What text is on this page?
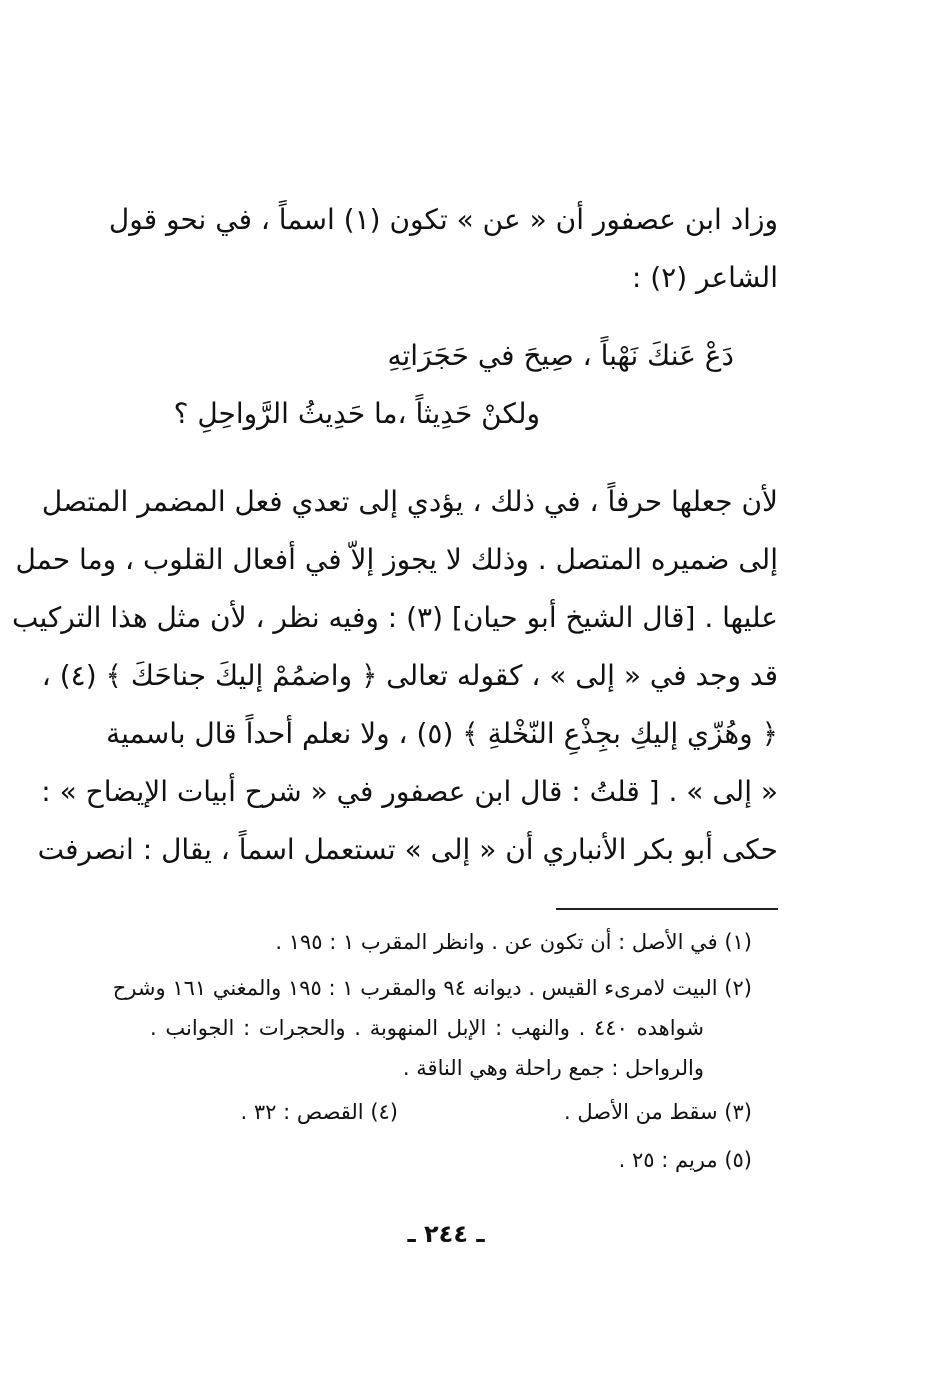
وزاد ابن عصفور أن « عن » تكون (١) اسماً ، في نحو قول
الشاعر (٢) :
دَعْ عَنكَ نَهْباً ، صِيحَ في حَجَرَاتِهِ
ولكنْ حَدِيثاً ،ما حَدِيثُ الرَّواحِلِ ؟
لأن جعلها حرفاً ، في ذلك ، يؤدي إلى تعدي فعل المضمر المتصل
إلى ضميره المتصل . وذلك لا يجوز إلاّ في أفعال القلوب ، وما حمل
عليها . [قال الشيخ أبو حيان] (٣) : وفيه نظر ، لأن مثل هذا التركيب
قد وجد في « إلى » ، كقوله تعالى ﴿ واضمُمْ إليكَ جناحَكَ ﴾ (٤) ،
﴿ وهُزّي إليكِ بجِذْعِ النّخْلةِ ﴾ (٥) ، ولا نعلم أحداً قال باسمية
« إلى » . [ قلتُ : قال ابن عصفور في « شرح أبيات الإيضاح » :
حكى أبو بكر الأنباري أن « إلى » تستعمل اسماً ، يقال : انصرفت
(١) في الأصل : أن تكون عن . وانظر المقرب ١ : ١٩٥ .
(٢) البيت لامرىء القيس . ديوانه ٩٤ والمقرب ١ : ١٩٥ والمغني ١٦١ وشرح
شواهده ٤٤٠ . والنهب : الإبل المنهوبة . والحجرات : الجوانب .
والرواحل : جمع راحلة وهي الناقة .
(٣) سقط من الأصل .
(٤) القصص : ٣٢ .
(٥) مريم : ٢٥ .
ـ ٢٤٤ ـ
